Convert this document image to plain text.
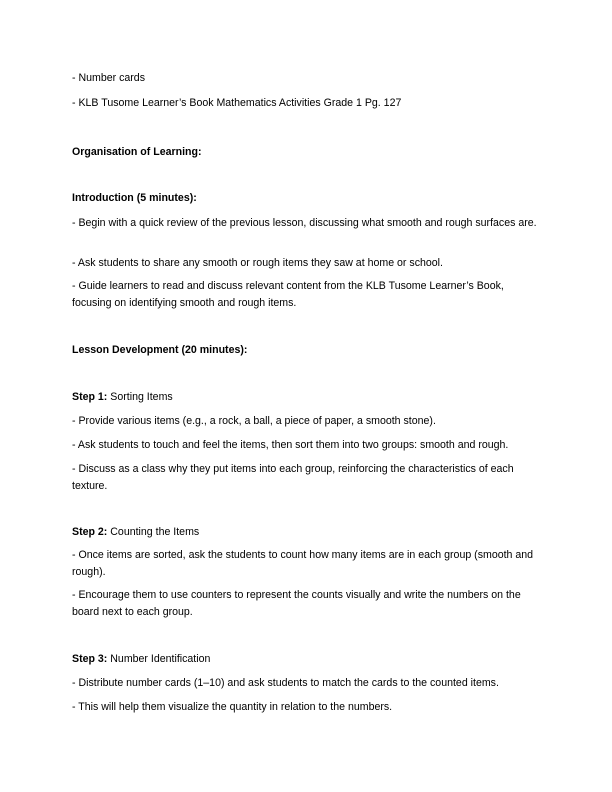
- Number cards

- KLB Tusome Learner’s Book Mathematics Activities Grade 1 Pg. 127

Organisation of Learning:

Introduction (5 minutes):

- Begin with a quick review of the previous lesson, discussing what smooth and rough surfaces are.

- Ask students to share any smooth or rough items they saw at home or school.

- Guide learners to read and discuss relevant content from the KLB Tusome Learner’s Book, focusing on identifying smooth and rough items.

Lesson Development (20 minutes):

Step 1: Sorting Items

- Provide various items (e.g., a rock, a ball, a piece of paper, a smooth stone).

- Ask students to touch and feel the items, then sort them into two groups: smooth and rough.

- Discuss as a class why they put items into each group, reinforcing the characteristics of each texture.

Step 2: Counting the Items

- Once items are sorted, ask the students to count how many items are in each group (smooth and rough).

- Encourage them to use counters to represent the counts visually and write the numbers on the board next to each group.

Step 3: Number Identification

- Distribute number cards (1–10) and ask students to match the cards to the counted items.

- This will help them visualize the quantity in relation to the numbers.
